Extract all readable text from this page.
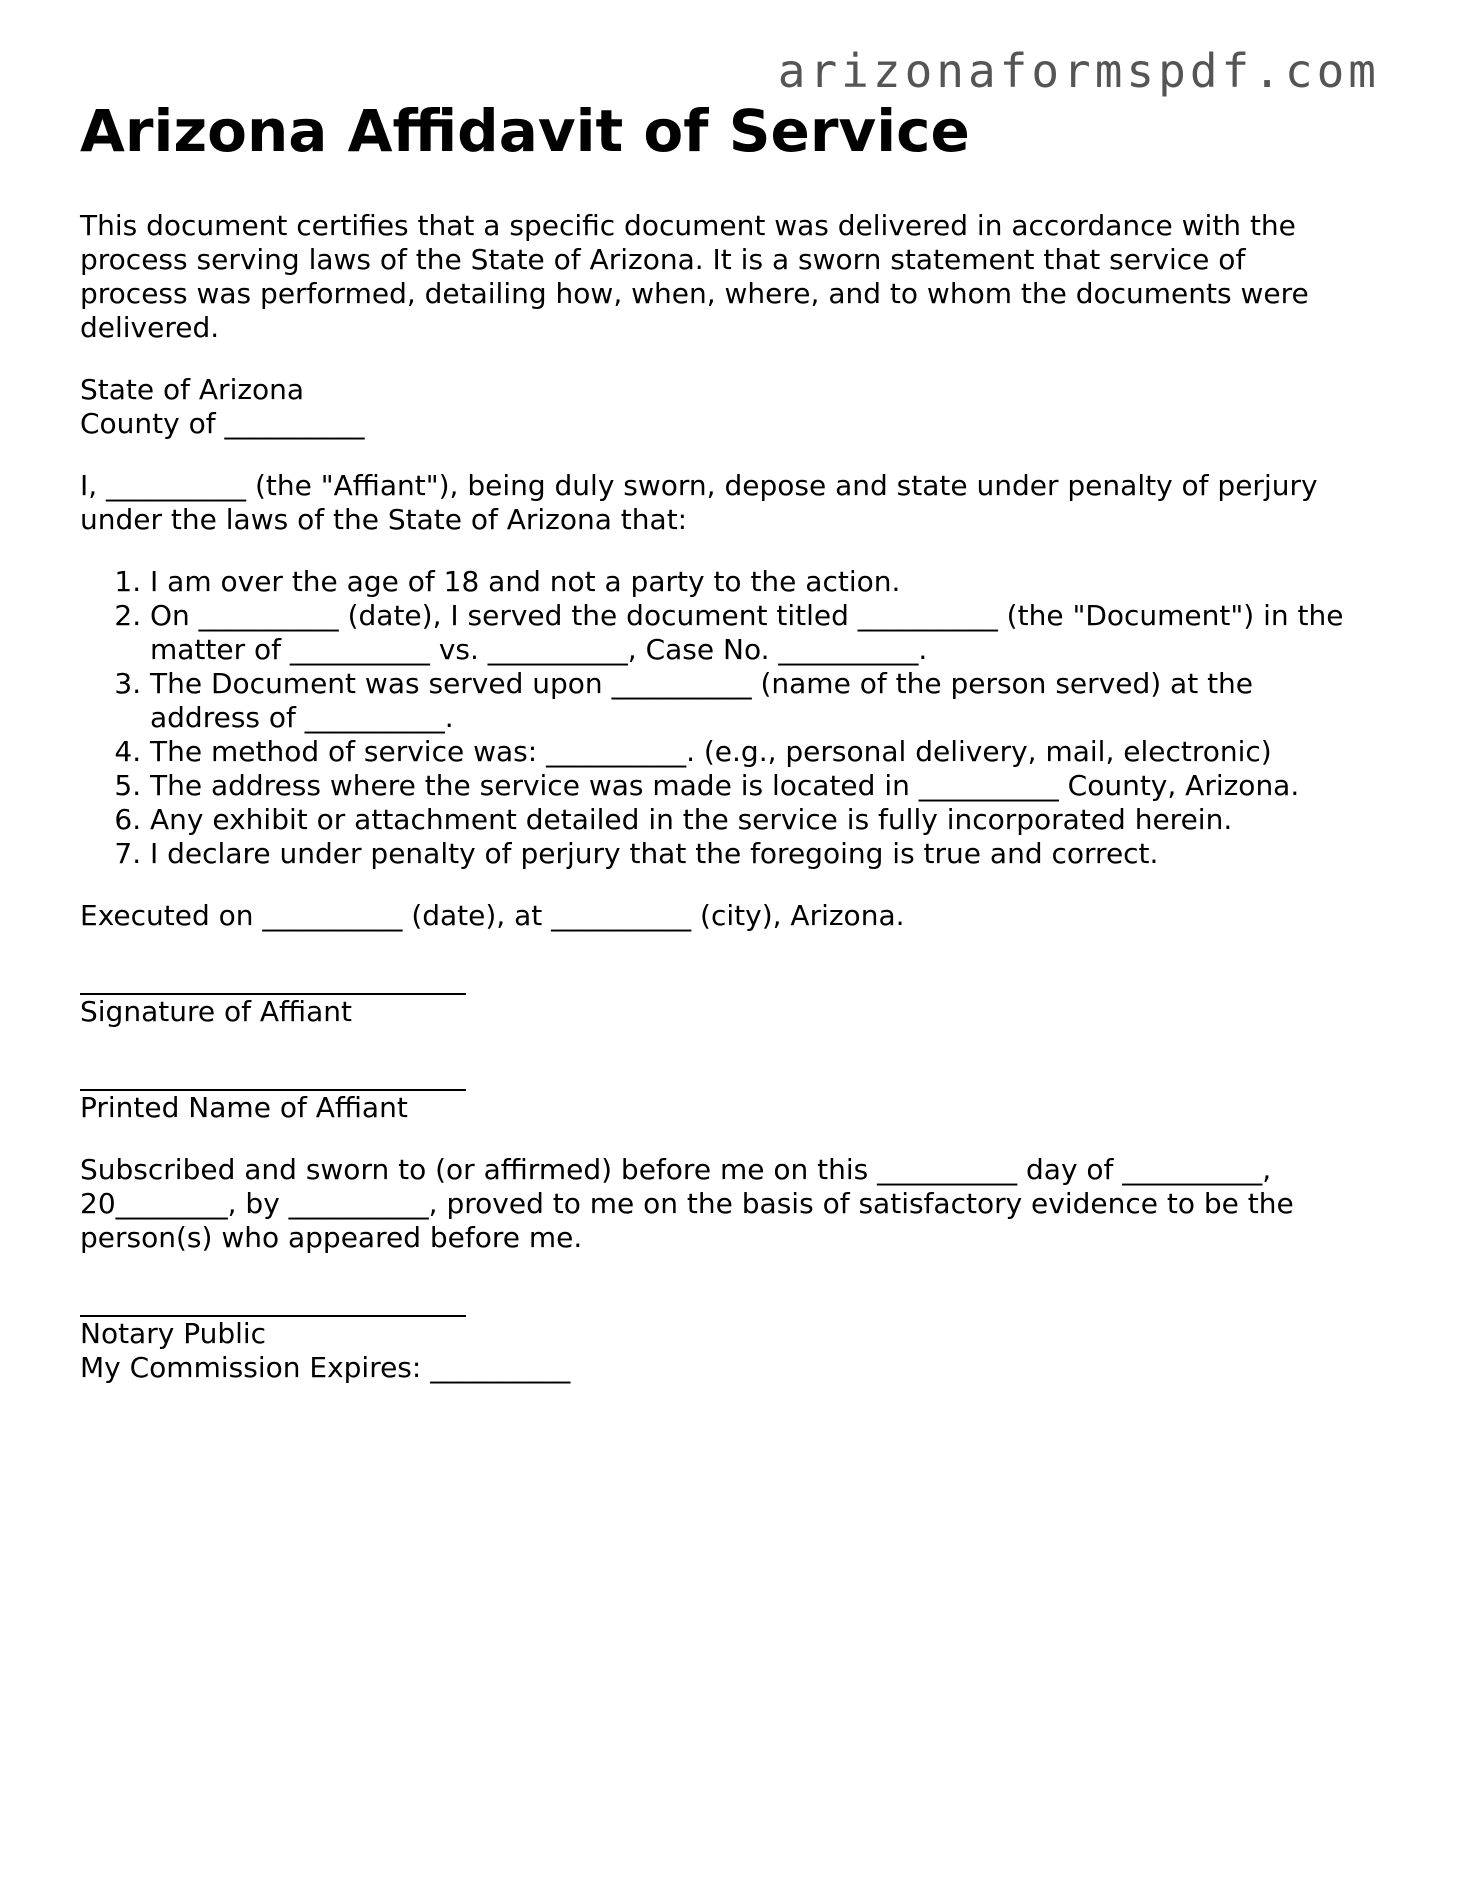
arizonaformspdf.com
Arizona Affidavit of Service

This document certifies that a specific document was delivered in accordance with the
process serving laws of the State of Arizona. It is a sworn statement that service of
process was performed, detailing how, when, where, and to whom the documents were
delivered.

State of Arizona
County of __________

I, __________ (the "Affiant"), being duly sworn, depose and state under penalty of perjury
under the laws of the State of Arizona that:

1. I am over the age of 18 and not a party to the action.
2. On __________ (date), I served the document titled __________ (the "Document") in the
matter of __________ vs. __________, Case No. __________.
3. The Document was served upon __________ (name of the person served) at the
address of __________.
4. The method of service was: __________. (e.g., personal delivery, mail, electronic)
5. The address where the service was made is located in __________ County, Arizona.
6. Any exhibit or attachment detailed in the service is fully incorporated herein.
7. I declare under penalty of perjury that the foregoing is true and correct.

Executed on __________ (date), at __________ (city), Arizona.

Signature of Affiant
Printed Name of Affiant

Subscribed and sworn to (or affirmed) before me on this __________ day of __________,
20________, by __________, proved to me on the basis of satisfactory evidence to be the
person(s) who appeared before me.

Notary Public
My Commission Expires: __________
